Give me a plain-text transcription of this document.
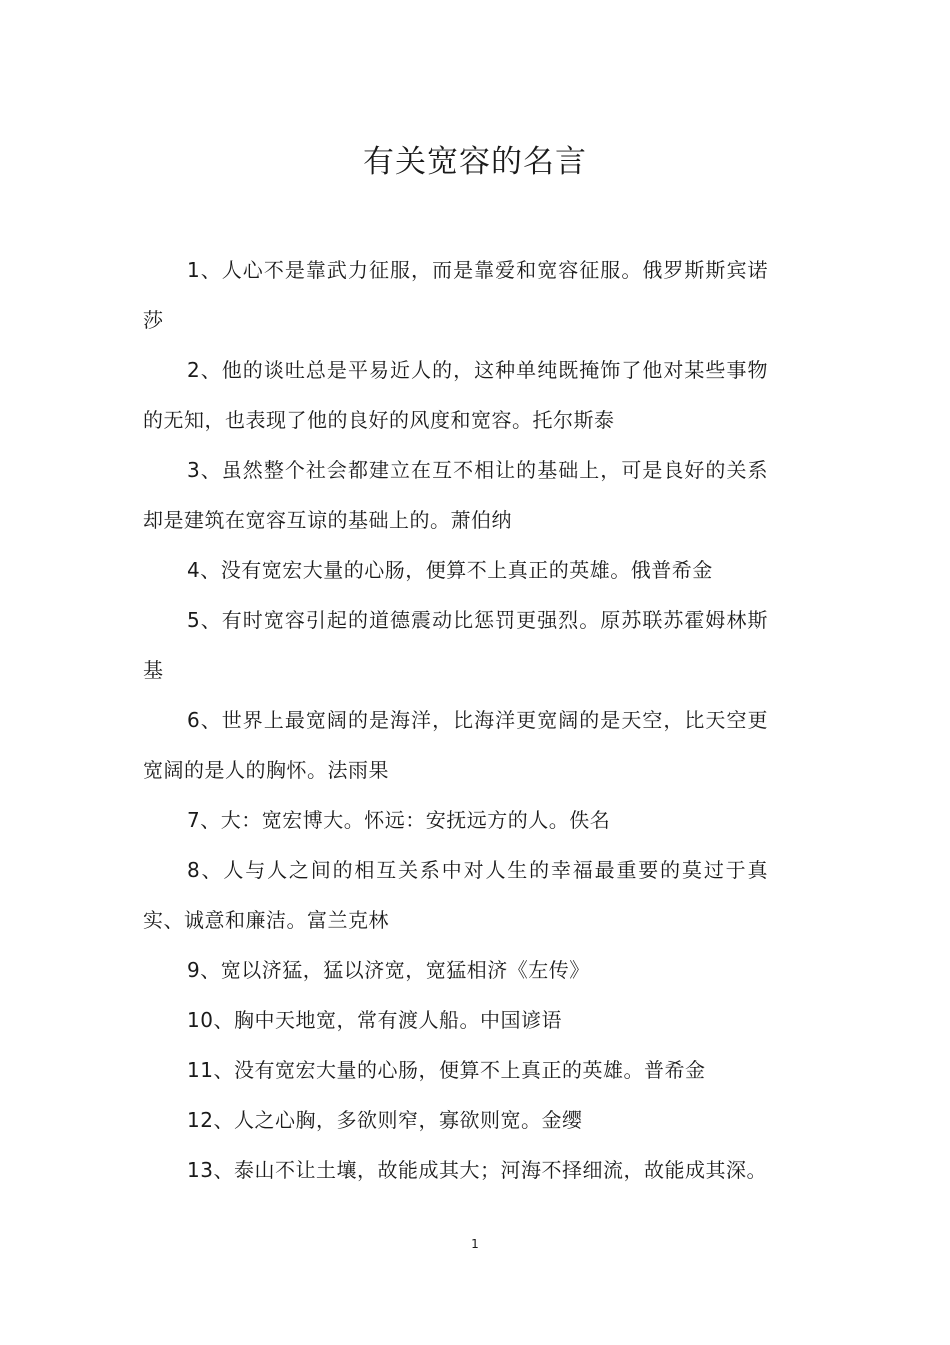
有关宽容的名言

1、人心不是靠武力征服，而是靠爱和宽容征服。俄罗斯斯宾诺莎

2、他的谈吐总是平易近人的，这种单纯既掩饰了他对某些事物的无知，也表现了他的良好的风度和宽容。托尔斯泰

3、虽然整个社会都建立在互不相让的基础上，可是良好的关系却是建筑在宽容互谅的基础上的。萧伯纳

4、没有宽宏大量的心肠，便算不上真正的英雄。俄普希金

5、有时宽容引起的道德震动比惩罚更强烈。原苏联苏霍姆林斯基

6、世界上最宽阔的是海洋，比海洋更宽阔的是天空，比天空更宽阔的是人的胸怀。法雨果

7、大：宽宏博大。怀远：安抚远方的人。佚名

8、人与人之间的相互关系中对人生的幸福最重要的莫过于真实、诚意和廉洁。富兰克林

9、宽以济猛，猛以济宽，宽猛相济《左传》

10、胸中天地宽，常有渡人船。中国谚语

11、没有宽宏大量的心肠，便算不上真正的英雄。普希金

12、人之心胸，多欲则窄，寡欲则宽。金缨

13、泰山不让土壤，故能成其大；河海不择细流，故能成其深。

1
